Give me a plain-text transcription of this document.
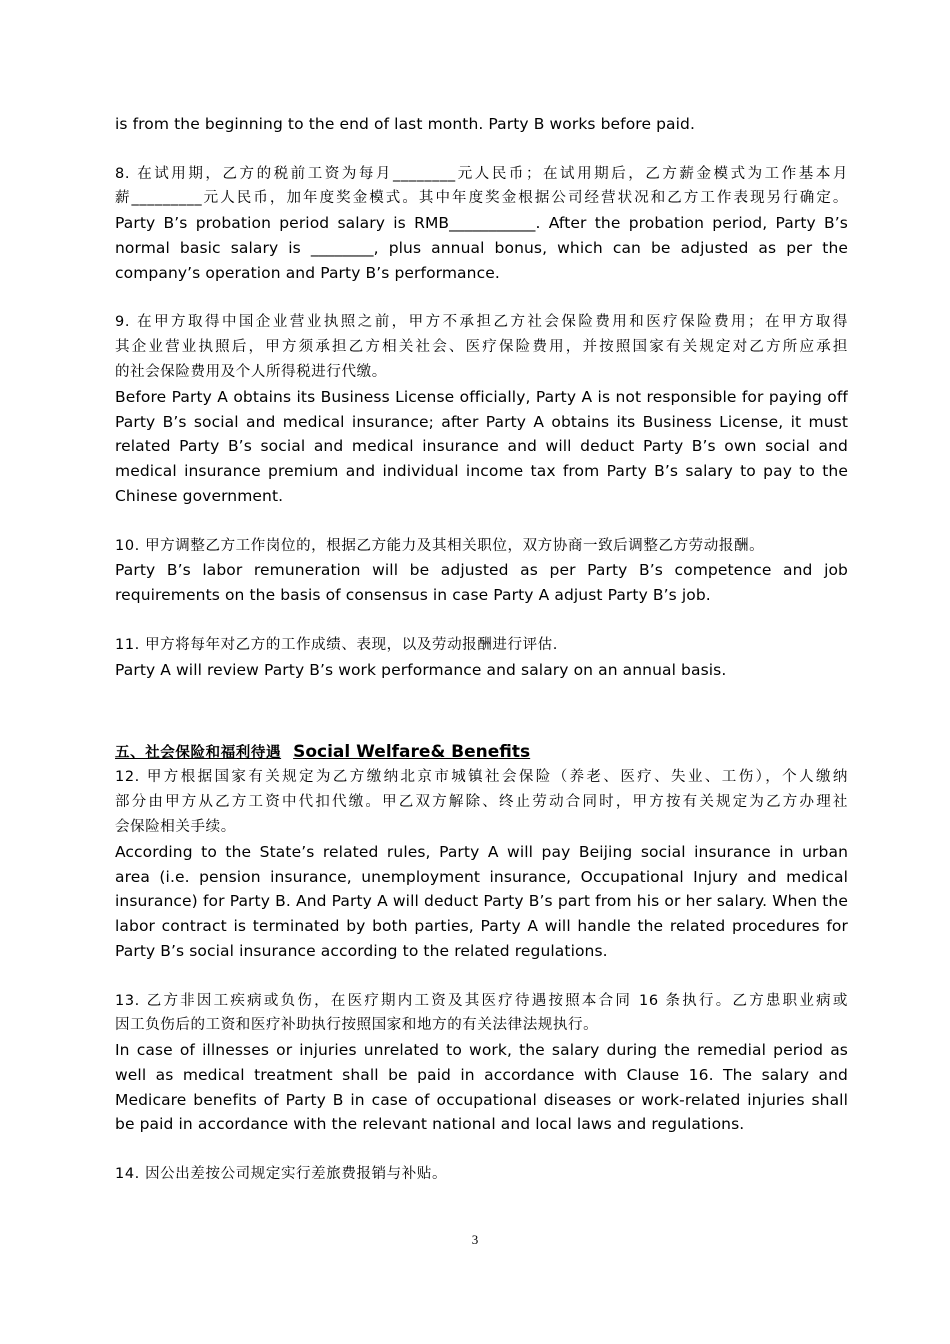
is from the beginning to the end of last month. Party B works before paid.
8. 在试用期，乙方的税前工资为每月________元人民币；在试用期后，乙方薪金模式为工作基本月
薪_________元人民币，加年度奖金模式。其中年度奖金根据公司经营状况和乙方工作表现另行确定。
Party B’s probation period salary is RMB___________. After the probation period, Party B’s
normal basic salary is ________, plus annual bonus, which can be adjusted as per the
company’s operation and Party B’s performance.
9. 在甲方取得中国企业营业执照之前，甲方不承担乙方社会保险费用和医疗保险费用；在甲方取得
其企业营业执照后，甲方须承担乙方相关社会、医疗保险费用，并按照国家有关规定对乙方所应承担
的社会保险费用及个人所得税进行代缴。
Before Party A obtains its Business License officially, Party A is not responsible for paying off
Party B’s social and medical insurance; after Party A obtains its Business License, it must
related Party B’s social and medical insurance and will deduct Party B’s own social and
medical insurance premium and individual income tax from Party B’s salary to pay to the
Chinese government.
10. 甲方调整乙方工作岗位的，根据乙方能力及其相关职位，双方协商一致后调整乙方劳动报酬。
Party B’s labor remuneration will be adjusted as per Party B’s competence and job
requirements on the basis of consensus in case Party A adjust Party B’s job.
11. 甲方将每年对乙方的工作成绩、表现，以及劳动报酬进行评估.
Party A will review Party B’s work performance and salary on an annual basis.
五、社会保险和福利待遇 Social Welfare& Benefits
12. 甲方根据国家有关规定为乙方缴纳北京市城镇社会保险（养老、医疗、失业、工伤），个人缴纳
部分由甲方从乙方工资中代扣代缴。甲乙双方解除、终止劳动合同时，甲方按有关规定为乙方办理社
会保险相关手续。
According to the State’s related rules, Party A will pay Beijing social insurance in urban
area (i.e. pension insurance, unemployment insurance, Occupational Injury and medical
insurance) for Party B. And Party A will deduct Party B’s part from his or her salary. When the
labor contract is terminated by both parties, Party A will handle the related procedures for
Party B’s social insurance according to the related regulations.
13. 乙方非因工疾病或负伤，在医疗期内工资及其医疗待遇按照本合同 16 条执行。乙方患职业病或
因工负伤后的工资和医疗补助执行按照国家和地方的有关法律法规执行。
In case of illnesses or injuries unrelated to work, the salary during the remedial period as
well as medical treatment shall be paid in accordance with Clause 16. The salary and
Medicare benefits of Party B in case of occupational diseases or work-related injuries shall
be paid in accordance with the relevant national and local laws and regulations.
14. 因公出差按公司规定实行差旅费报销与补贴。
3
